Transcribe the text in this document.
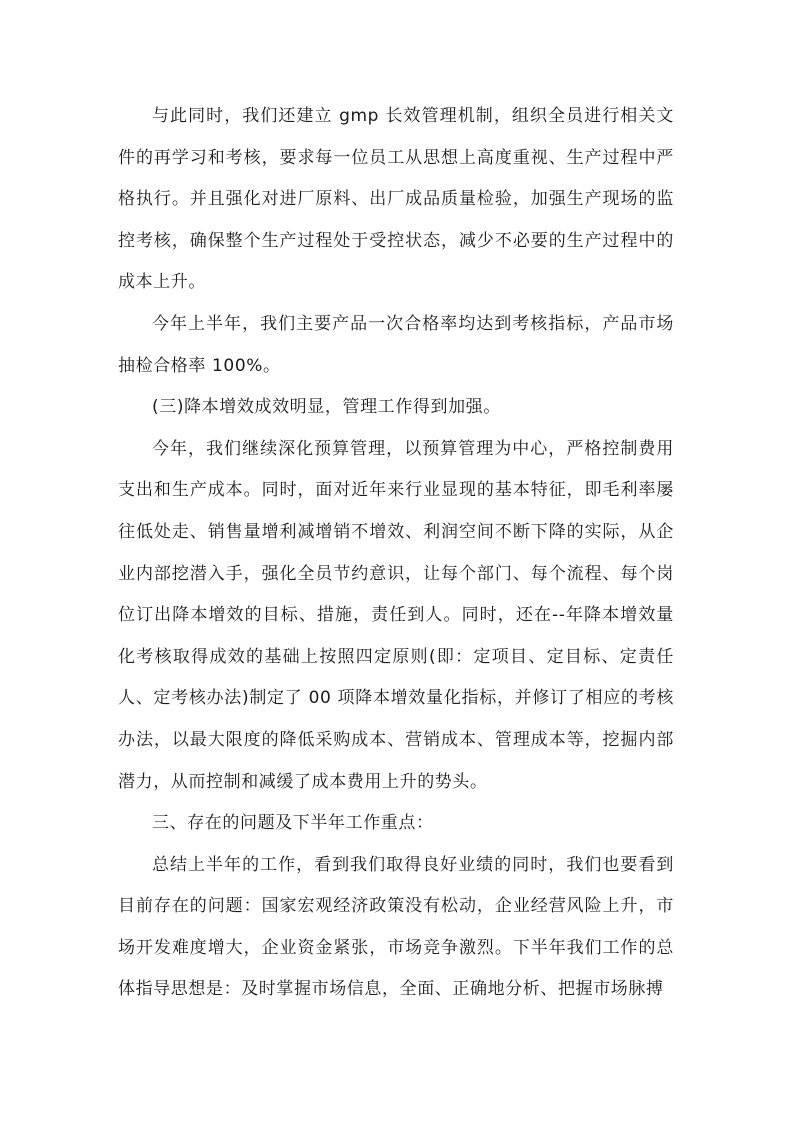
与此同时，我们还建立 gmp 长效管理机制，组织全员进行相关文件的再学习和考核，要求每一位员工从思想上高度重视、生产过程中严格执行。并且强化对进厂原料、出厂成品质量检验，加强生产现场的监控考核，确保整个生产过程处于受控状态，减少不必要的生产过程中的成本上升。

今年上半年，我们主要产品一次合格率均达到考核指标，产品市场抽检合格率 100%。

(三)降本增效成效明显，管理工作得到加强。

今年，我们继续深化预算管理，以预算管理为中心，严格控制费用支出和生产成本。同时，面对近年来行业显现的基本特征，即毛利率屡往低处走、销售量增利减增销不增效、利润空间不断下降的实际，从企业内部挖潜入手，强化全员节约意识，让每个部门、每个流程、每个岗位订出降本增效的目标、措施，责任到人。同时，还在--年降本增效量化考核取得成效的基础上按照四定原则(即：定项目、定目标、定责任人、定考核办法)制定了 00 项降本增效量化指标，并修订了相应的考核办法，以最大限度的降低采购成本、营销成本、管理成本等，挖掘内部潜力，从而控制和减缓了成本费用上升的势头。

三、存在的问题及下半年工作重点：

总结上半年的工作，看到我们取得良好业绩的同时，我们也要看到目前存在的问题：国家宏观经济政策没有松动，企业经营风险上升，市场开发难度增大，企业资金紧张，市场竞争激烈。下半年我们工作的总体指导思想是：及时掌握市场信息，全面、正确地分析、把握市场脉搏
